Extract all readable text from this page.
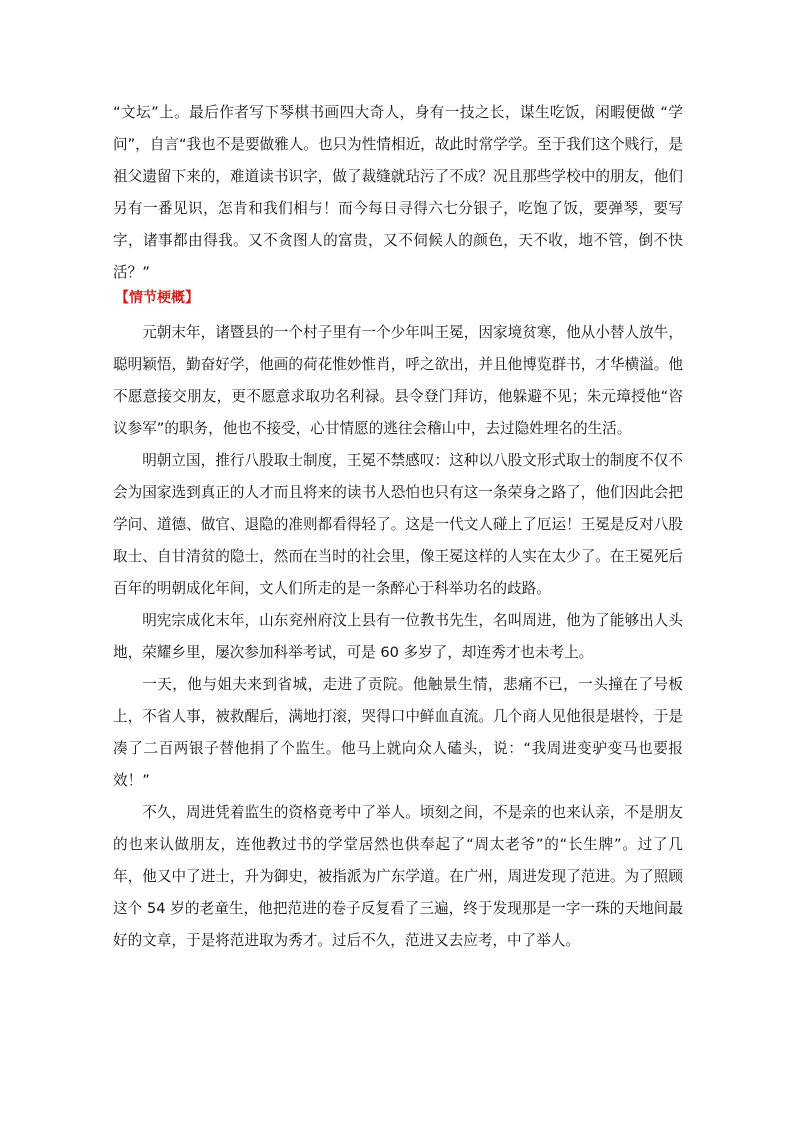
“文坛”上。最后作者写下琴棋书画四大奇人，身有一技之长，谋生吃饭，闲暇便做 “学问”，自言“我也不是要做雅人。也只为性情相近，故此时常学学。至于我们这个贱行，是祖父遗留下来的，难道读书识字，做了裁缝就玷污了不成？况且那些学校中的朋友，他们另有一番见识，怎肯和我们相与！而今每日寻得六七分银子，吃饱了饭，要弹琴，要写字，诸事都由得我。又不贪图人的富贵，又不伺候人的颜色，天不收，地不管，倒不快活？”

【情节梗概】

元朝末年，诸暨县的一个村子里有一个少年叫王冕，因家境贫寒，他从小替人放牛，聪明颖悟，勤奋好学，他画的荷花惟妙惟肖，呼之欲出，并且他博览群书，才华横溢。他不愿意接交朋友，更不愿意求取功名利禄。县令登门拜访，他躲避不见；朱元璋授他“咨议参军”的职务，他也不接受，心甘情愿的逃往会稽山中，去过隐姓埋名的生活。

明朝立国，推行八股取士制度，王冕不禁感叹：这种以八股文形式取士的制度不仅不会为国家选到真正的人才而且将来的读书人恐怕也只有这一条荣身之路了，他们因此会把学问、道德、做官、退隐的准则都看得轻了。这是一代文人碰上了厄运！王冕是反对八股取士、自甘清贫的隐士，然而在当时的社会里，像王冕这样的人实在太少了。在王冕死后百年的明朝成化年间，文人们所走的是一条醉心于科举功名的歧路。

明宪宗成化末年，山东兖州府汶上县有一位教书先生，名叫周进，他为了能够出人头地，荣耀乡里，屡次参加科举考试，可是 60 多岁了，却连秀才也未考上。

一天，他与姐夫来到省城，走进了贡院。他触景生情，悲痛不已，一头撞在了号板上，不省人事，被救醒后，满地打滚，哭得口中鲜血直流。几个商人见他很是堪怜，于是凑了二百两银子替他捐了个监生。他马上就向众人磕头，说：“我周进变驴变马也要报效！”

不久，周进凭着监生的资格竟考中了举人。顷刻之间，不是亲的也来认亲，不是朋友的也来认做朋友，连他教过书的学堂居然也供奉起了“周太老爷”的“长生牌”。过了几年，他又中了进士，升为御史，被指派为广东学道。在广州，周进发现了范进。为了照顾这个 54 岁的老童生，他把范进的卷子反复看了三遍，终于发现那是一字一珠的天地间最好的文章，于是将范进取为秀才。过后不久，范进又去应考，中了举人。
